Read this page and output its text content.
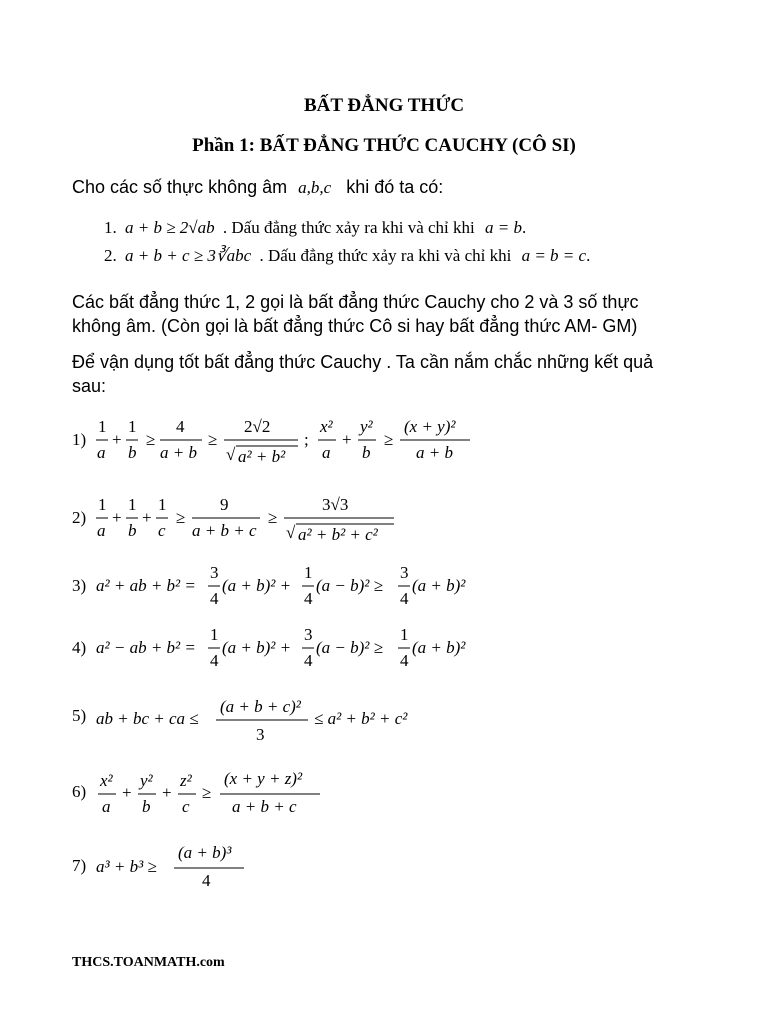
BẤT ĐẲNG THỨC
Phần 1: BẤT ĐẲNG THỨC CAUCHY (CÔ SI)
Cho các số thực không âm a,b,c khi đó ta có:
1. a + b ≥ 2√ab . Dấu đẳng thức xảy ra khi và chỉ khi a = b.
2. a + b + c ≥ 3∛abc . Dấu đẳng thức xảy ra khi và chỉ khi a = b = c.
Các bất đẳng thức 1, 2 gọi là bất đẳng thức Cauchy cho 2 và 3 số thực
không âm. (Còn gọi là bất đẳng thức Cô si hay bất đẳng thức AM- GM)
Để vận dụng tốt bất đẳng thức Cauchy . Ta cần nắm chắc những kết quả
sau:
1)
1
a
+
1
b
≥
4
a + b
≥
2√2
√ a² + b²
;
x²
a
+
y²
b
≥
(x + y)²
a + b
2)
1
a
+
1
b
+
1
c
≥
9
a + b + c
≥
3√3
√ a² + b² + c²
3) a² + ab + b² =
3
4
(a + b)² +
1
4
(a − b)² ≥
3
4
(a + b)²
4) a² − ab + b² =
1
4
(a + b)² +
3
4
(a − b)² ≥
1
4
(a + b)²
5) ab + bc + ca ≤
(a + b + c)²
3
≤ a² + b² + c²
6)
x²
a
+
y²
b
+
z²
c
≥
(x + y + z)²
a + b + c
7) a³ + b³ ≥
(a + b)³
4
THCS.TOANMATH.com
